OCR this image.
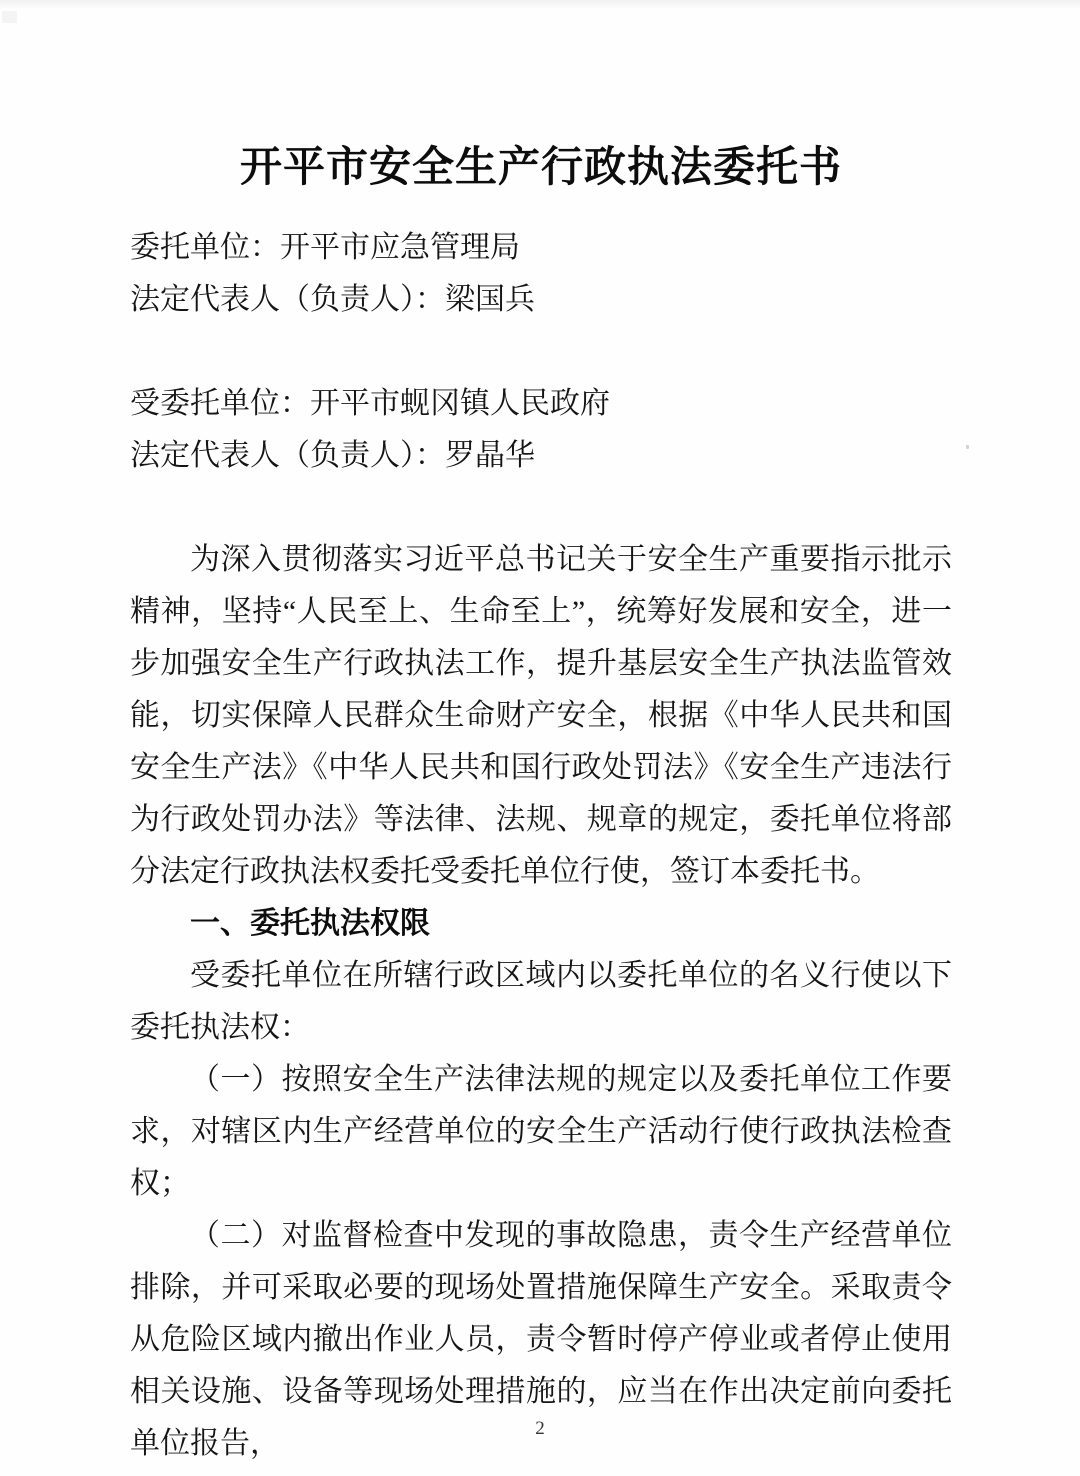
开平市安全生产行政执法委托书

委托单位：开平市应急管理局

法定代表人（负责人）：梁国兵

受委托单位：开平市蚬冈镇人民政府

法定代表人（负责人）：罗晶华

为深入贯彻落实习近平总书记关于安全生产重要指示批示精神，坚持“人民至上、生命至上”，统筹好发展和安全，进一步加强安全生产行政执法工作，提升基层安全生产执法监管效能，切实保障人民群众生命财产安全，根据《中华人民共和国安全生产法》《中华人民共和国行政处罚法》《安全生产违法行为行政处罚办法》等法律、法规、规章的规定，委托单位将部分法定行政执法权委托受委托单位行使，签订本委托书。

一、委托执法权限

受委托单位在所辖行政区域内以委托单位的名义行使以下委托执法权：

（一）按照安全生产法律法规的规定以及委托单位工作要求，对辖区内生产经营单位的安全生产活动行使行政执法检查权；

（二）对监督检查中发现的事故隐患，责令生产经营单位排除，并可采取必要的现场处置措施保障生产安全。采取责令从危险区域内撤出作业人员，责令暂时停产停业或者停止使用相关设施、设备等现场处理措施的，应当在作出决定前向委托单位报告，	2
